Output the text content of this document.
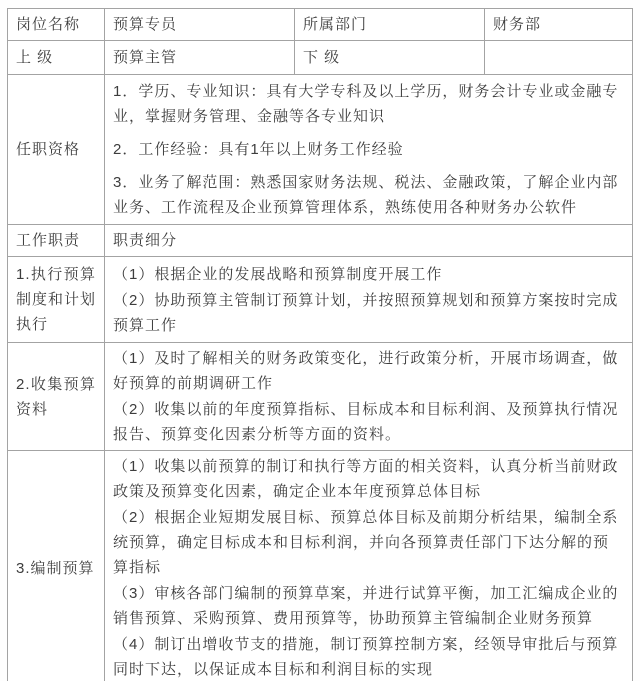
岗位名称	预算专员	所属部门	财务部
上 级	预算主管	下 级	
任职资格	1．学历、专业知识：具有大学专科及以上学历，财务会计专业或金融专业，掌握财务管理、金融等各专业知识

2．工作经验：具有1年以上财务工作经验

3．业务了解范围：熟悉国家财务法规、税法、金融政策，了解企业内部业务、工作流程及企业预算管理体系，熟练使用各种财务办公软件		

工作职责	职责细分		
1.执行预算制度和计划执行	（1）根据企业的发展战略和预算制度开展工作

（2）协助预算主管制订预算计划，并按照预算规划和预算方案按时完成预算工作		

2.收集预算资料	（1）及时了解相关的财务政策变化，进行政策分析，开展市场调查，做好预算的前期调研工作

（2）收集以前的年度预算指标、目标成本和目标利润、及预算执行情况报告、预算变化因素分析等方面的资料。		

3.编制预算	（1）收集以前预算的制订和执行等方面的相关资料，认真分析当前财政政策及预算变化因素，确定企业本年度预算总体目标

（2）根据企业短期发展目标、预算总体目标及前期分析结果，编制全系统预算，确定目标成本和目标利润，并向各预算责任部门下达分解的预算指标

（3）审核各部门编制的预算草案，并进行试算平衡，加工汇编成企业的销售预算、采购预算、费用预算等，协助预算主管编制企业财务预算

（4）制订出增收节支的措施，制订预算控制方案，经领导审批后与预算同时下达，以保证成本目标和利润目标的实现		
